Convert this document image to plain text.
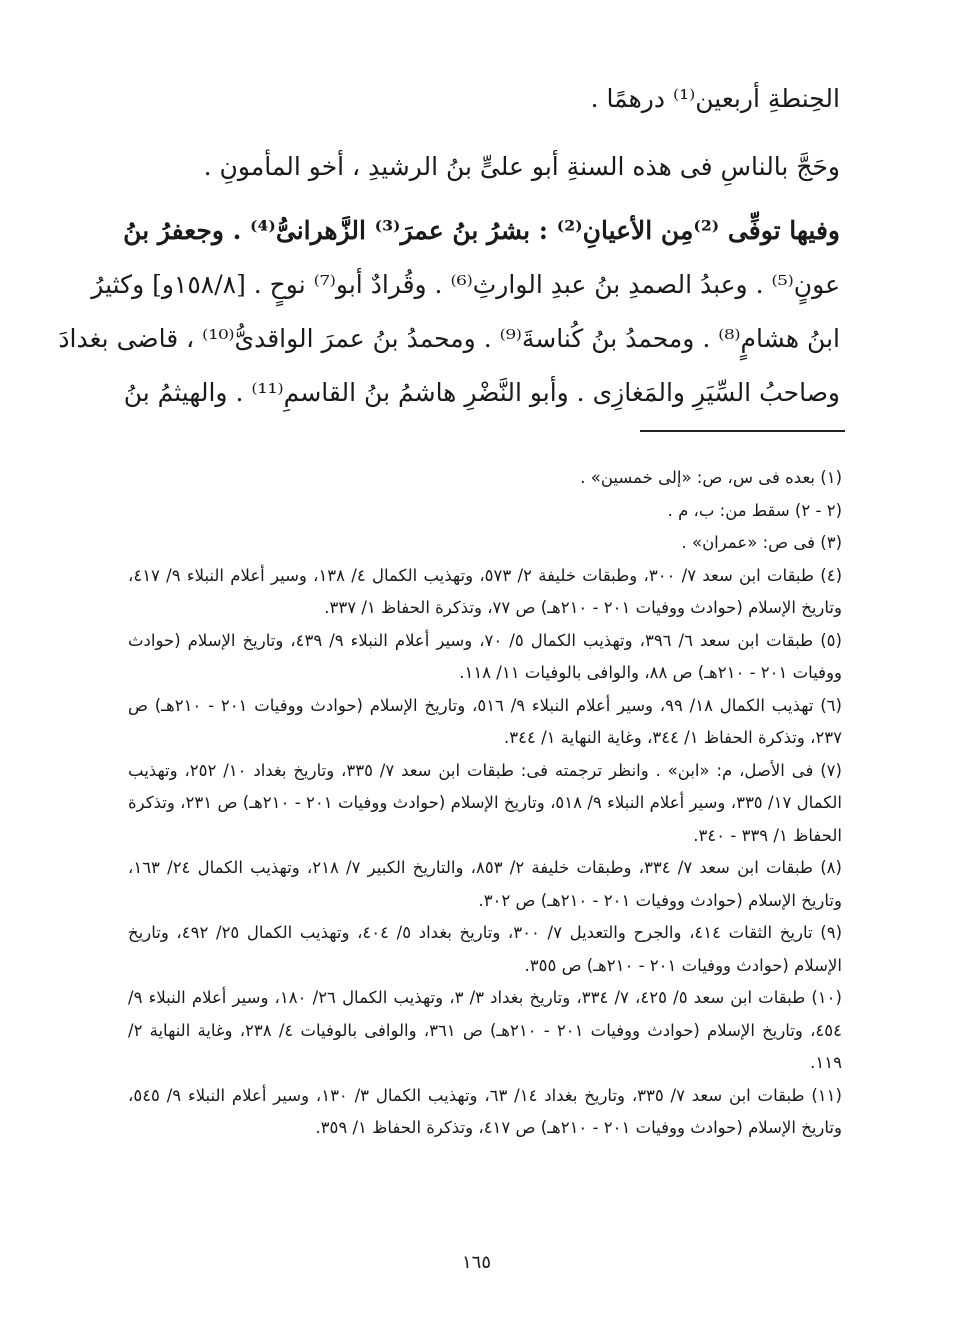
الحِنطةِ أربعين⁽¹⁾ درهمًا .

وحَجَّ بالناسِ فى هذه السنةِ أبو علىٍّ بنُ الرشيدِ ، أخو المأمونِ .

وفيها توفِّى ⁽²⁾مِن الأعيانِ⁽²⁾ : بشرُ بنُ عمرَ⁽³⁾ الزَّهرانىُّ⁽⁴⁾ . وجعفرُ بنُ

عونٍ⁽⁵⁾ . وعبدُ الصمدِ بنُ عبدِ الوارثِ⁽⁶⁾ . وقُرادٌ أبو⁽⁷⁾ نوحٍ . [١٥٨/٨و] وكثيرُ

ابنُ هشامٍ⁽⁸⁾ . ومحمدُ بنُ كُناسةَ⁽⁹⁾ . ومحمدُ بنُ عمرَ الواقدىُّ⁽¹⁰⁾ ، قاضى بغدادَ

وصاحبُ السِّيَرِ والمَغازِى . وأبو النَّضْرِ هاشمُ بنُ القاسمِ⁽¹¹⁾ . والهيثمُ بنُ

(١) بعده فى س، ص: «إلى خمسين» .

(٢ - ٢) سقط من: ب، م .

(٣) فى ص: «عمران» .

(٤) طبقات ابن سعد ٧/ ٣٠٠، وطبقات خليفة ٢/ ٥٧٣، وتهذيب الكمال ٤/ ١٣٨، وسير أعلام النبلاء ٩/ ٤١٧، وتاريخ الإسلام (حوادث ووفيات ٢٠١ - ٢١٠هـ) ص ٧٧، وتذكرة الحفاظ ١/ ٣٣٧.

(٥) طبقات ابن سعد ٦/ ٣٩٦، وتهذيب الكمال ٥/ ٧٠، وسير أعلام النبلاء ٩/ ٤٣٩، وتاريخ الإسلام (حوادث ووفيات ٢٠١ - ٢١٠هـ) ص ٨٨، والوافى بالوفيات ١١/ ١١٨.

(٦) تهذيب الكمال ١٨/ ٩٩، وسير أعلام النبلاء ٩/ ٥١٦، وتاريخ الإسلام (حوادث ووفيات ٢٠١ - ٢١٠هـ) ص ٢٣٧، وتذكرة الحفاظ ١/ ٣٤٤، وغاية النهاية ١/ ٣٤٤.

(٧) فى الأصل، م: «ابن» . وانظر ترجمته فى: طبقات ابن سعد ٧/ ٣٣٥، وتاريخ بغداد ١٠/ ٢٥٢، وتهذيب الكمال ١٧/ ٣٣٥، وسير أعلام النبلاء ٩/ ٥١٨، وتاريخ الإسلام (حوادث ووفيات ٢٠١ - ٢١٠هـ) ص ٢٣١، وتذكرة الحفاظ ١/ ٣٣٩ - ٣٤٠.

(٨) طبقات ابن سعد ٧/ ٣٣٤، وطبقات خليفة ٢/ ٨٥٣، والتاريخ الكبير ٧/ ٢١٨، وتهذيب الكمال ٢٤/ ١٦٣، وتاريخ الإسلام (حوادث ووفيات ٢٠١ - ٢١٠هـ) ص ٣٠٢.

(٩) تاريخ الثقات ٤١٤، والجرح والتعديل ٧/ ٣٠٠، وتاريخ بغداد ٥/ ٤٠٤، وتهذيب الكمال ٢٥/ ٤٩٢، وتاريخ الإسلام (حوادث ووفيات ٢٠١ - ٢١٠هـ) ص ٣٥٥.

(١٠) طبقات ابن سعد ٥/ ٤٢٥، ٧/ ٣٣٤، وتاريخ بغداد ٣/ ٣، وتهذيب الكمال ٢٦/ ١٨٠، وسير أعلام النبلاء ٩/ ٤٥٤، وتاريخ الإسلام (حوادث ووفيات ٢٠١ - ٢١٠هـ) ص ٣٦١، والوافى بالوفيات ٤/ ٢٣٨، وغاية النهاية ٢/ ١١٩.

(١١) طبقات ابن سعد ٧/ ٣٣٥، وتاريخ بغداد ١٤/ ٦٣، وتهذيب الكمال ٣/ ١٣٠، وسير أعلام النبلاء ٩/ ٥٤٥، وتاريخ الإسلام (حوادث ووفيات ٢٠١ - ٢١٠هـ) ص ٤١٧، وتذكرة الحفاظ ١/ ٣٥٩.

١٦٥
